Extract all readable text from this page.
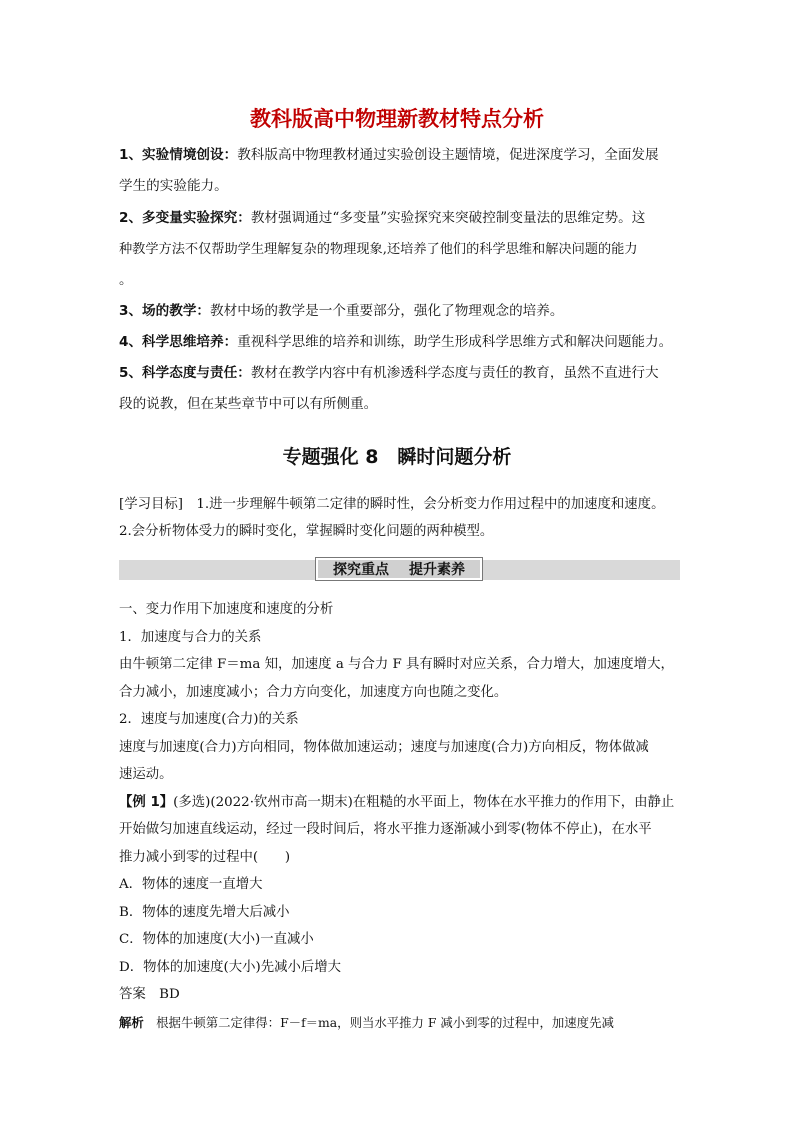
教科版高中物理新教材特点分析
1、实验情境创设：教科版高中物理教材通过实验创设主题情境，促进深度学习，全面发展
学生的实验能力。
2、多变量实验探究：教材强调通过“多变量”实验探究来突破控制变量法的思维定势。这
种教学方法不仅帮助学生理解复杂的物理现象,还培养了他们的科学思维和解决问题的能力
。
3、场的教学：教材中场的教学是一个重要部分，强化了物理观念的培养。
4、科学思维培养：重视科学思维的培养和训练，助学生形成科学思维方式和解决问题能力。
5、科学态度与责任：教材在教学内容中有机渗透科学态度与责任的教育，虽然不直进行大
段的说教，但在某些章节中可以有所侧重。
专题强化 8　瞬时问题分析
[学习目标]　 1.进一步理解牛顿第二定律的瞬时性，会分析变力作用过程中的加速度和速度。
2.会分析物体受力的瞬时变化，掌握瞬时变化问题的两种模型。
探究重点 提升素养

一、变力作用下加速度和速度的分析

1．加速度与合力的关系

由牛顿第二定律 F＝ma 知，加速度 a 与合力 F 具有瞬时对应关系，合力增大，加速度增大，
合力减小，加速度减小；合力方向变化，加速度方向也随之变化。

2．速度与加速度(合力)的关系

速度与加速度(合力)方向相同，物体做加速运动；速度与加速度(合力)方向相反，物体做减
速运动。

【例 1】(多选)(2022·钦州市高一期末)在粗糙的水平面上，物体在水平推力的作用下，由静止
开始做匀加速直线运动，经过一段时间后，将水平推力逐渐减小到零(物体不停止)，在水平
推力减小到零的过程中(　　)

A．物体的速度一直增大

B．物体的速度先增大后减小

C．物体的加速度(大小)一直减小

D．物体的加速度(大小)先减小后增大

答案　 BD

解析　 根据牛顿第二定律得：F－f＝ma，则当水平推力 F 减小到零的过程中，加速度先减
